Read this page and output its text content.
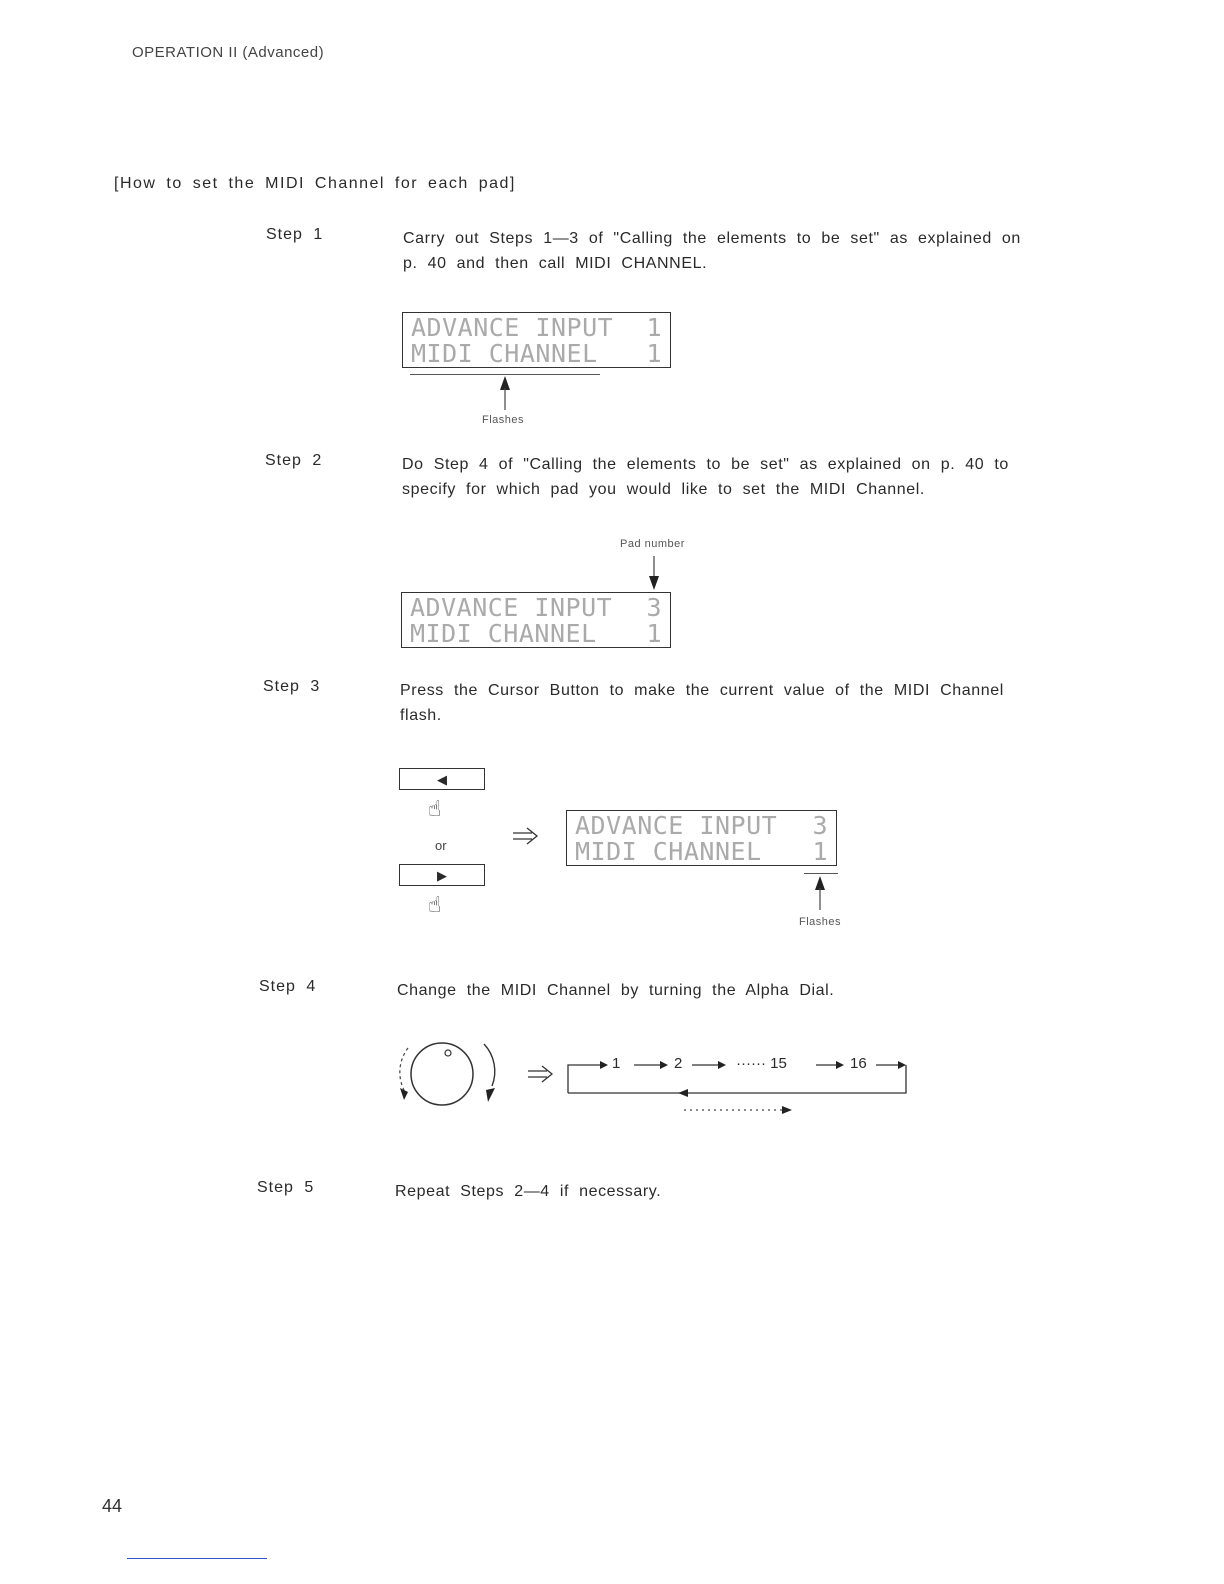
OPERATION II (Advanced)
[How to set the MIDI Channel for each pad]
Step 1	Carry out Steps 1—3 of "Calling the elements to be set" as explained on p. 40 and then call MIDI CHANNEL.
ADVANCE INPUT 1
MIDI CHANNEL 1
Flashes
Step 2	Do Step 4 of "Calling the elements to be set" as explained on p. 40 to specify for which pad you would like to set the MIDI Channel.
Pad number
ADVANCE INPUT 3
MIDI CHANNEL 1
Step 3	Press the Cursor Button to make the current value of the MIDI Channel flash.
◀
☝
or
▶
☝
ADVANCE INPUT 3
MIDI CHANNEL 1
Flashes
Step 4	Change the MIDI Channel by turning the Alpha Dial.
1	2	······ 15	16
Step 5	Repeat Steps 2—4 if necessary.
44
